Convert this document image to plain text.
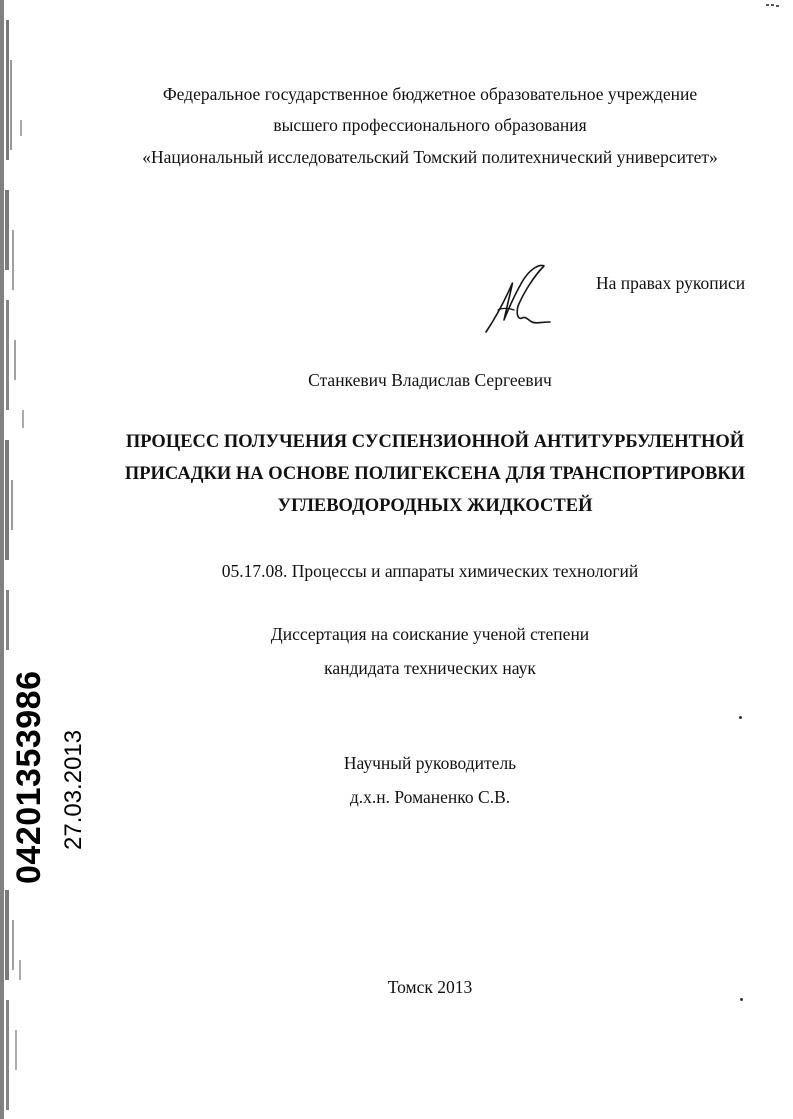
Федеральное государственное бюджетное образовательное учреждение
высшего профессионального образования
«Национальный исследовательский Томский политехнический университет»
На правах рукописи
Станкевич Владислав Сергеевич
ПРОЦЕСС ПОЛУЧЕНИЯ СУСПЕНЗИОННОЙ АНТИТУРБУЛЕНТНОЙ
ПРИСАДКИ НА ОСНОВЕ ПОЛИГЕКСЕНА ДЛЯ ТРАНСПОРТИРОВКИ
УГЛЕВОДОРОДНЫХ ЖИДКОСТЕЙ
05.17.08. Процессы и аппараты химических технологий
Диссертация на соискание ученой степени
кандидата технических наук
Научный руководитель
д.х.н. Романенко С.В.
Томск 2013
04201353986 27.03.2013
